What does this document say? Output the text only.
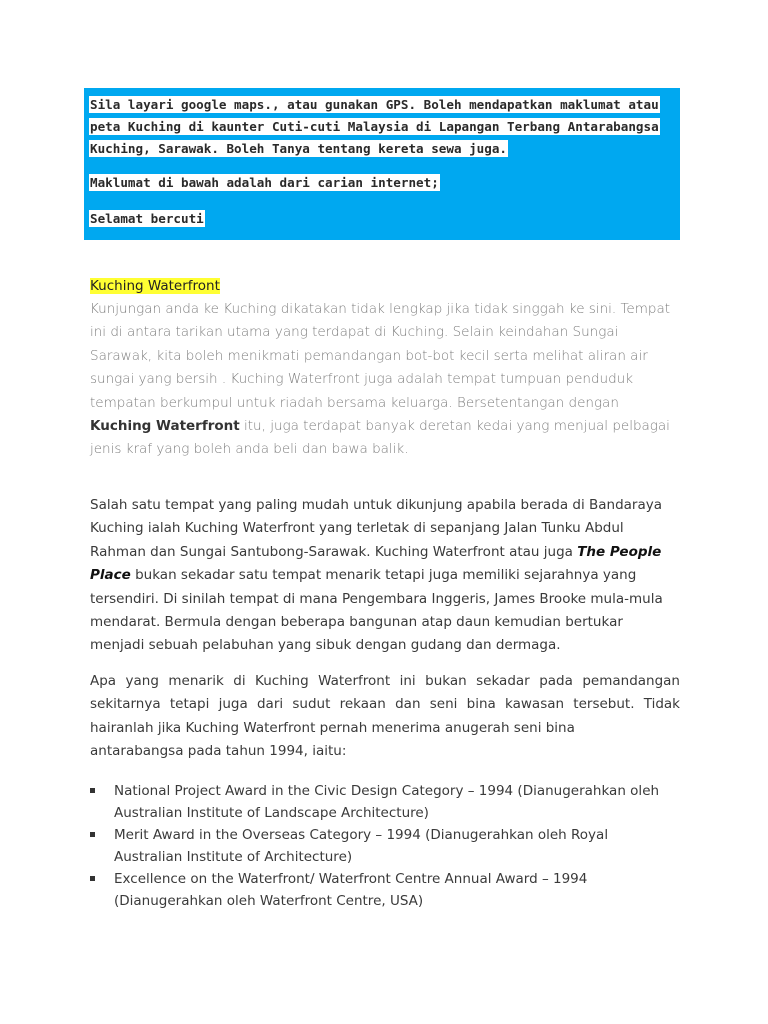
Sila layari google maps., atau gunakan GPS. Boleh mendapatkan maklumat atau peta Kuching di kaunter Cuti-cuti Malaysia di Lapangan Terbang Antarabangsa Kuching, Sarawak. Boleh Tanya tentang kereta sewa juga.

Maklumat di bawah adalah dari carian internet;

Selamat bercuti

Kuching Waterfront

Kunjungan anda ke Kuching dikatakan tidak lengkap jika tidak singgah ke sini. Tempat ini di antara tarikan utama yang terdapat di Kuching. Selain keindahan Sungai Sarawak, kita boleh menikmati pemandangan bot-bot kecil serta melihat aliran air sungai yang bersih . Kuching Waterfront juga adalah tempat tumpuan penduduk tempatan berkumpul untuk riadah bersama keluarga. Bersetentangan dengan Kuching Waterfront itu, juga terdapat banyak deretan kedai yang menjual pelbagai jenis kraf yang boleh anda beli dan bawa balik.

Salah satu tempat yang paling mudah untuk dikunjung apabila berada di Bandaraya Kuching ialah Kuching Waterfront yang terletak di sepanjang Jalan Tunku Abdul Rahman dan Sungai Santubong-Sarawak. Kuching Waterfront atau juga The People Place bukan sekadar satu tempat menarik tetapi juga memiliki sejarahnya yang tersendiri. Di sinilah tempat di mana Pengembara Inggeris, James Brooke mula-mula mendarat. Bermula dengan beberapa bangunan atap daun kemudian bertukar menjadi sebuah pelabuhan yang sibuk dengan gudang dan dermaga.

Apa yang menarik di Kuching Waterfront ini bukan sekadar pada pemandangan sekitarnya tetapi juga dari sudut rekaan dan seni bina kawasan tersebut. Tidak hairanlah jika Kuching Waterfront pernah menerima anugerah seni bina
antarabangsa pada tahun 1994, iaitu:

National Project Award in the Civic Design Category – 1994 (Dianugerahkan oleh
Australian Institute of Landscape Architecture)
Merit Award in the Overseas Category – 1994 (Dianugerahkan oleh Royal
Australian Institute of Architecture)
Excellence on the Waterfront/ Waterfront Centre Annual Award – 1994
(Dianugerahkan oleh Waterfront Centre, USA)
